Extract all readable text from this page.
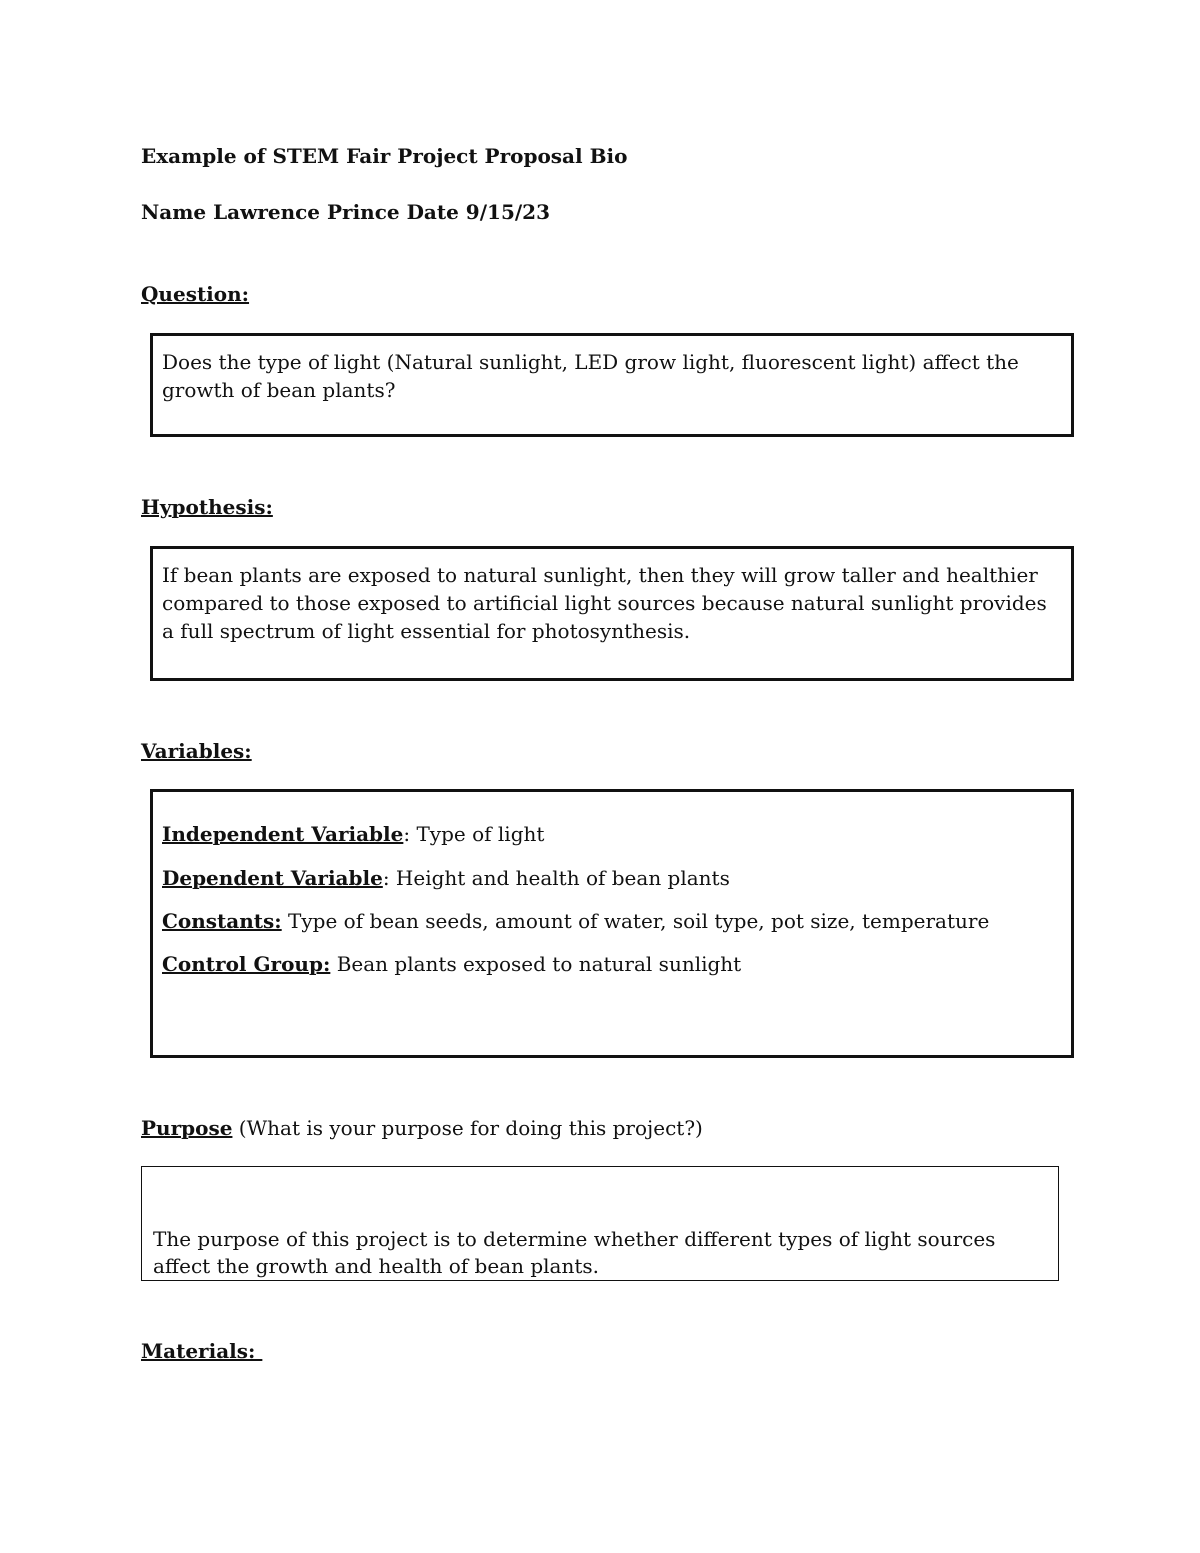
Example of STEM Fair Project Proposal Bio
Name Lawrence Prince Date 9/15/23
Question:
Does the type of light (Natural sunlight, LED grow light, fluorescent light) affect the growth of bean plants?
Hypothesis:
If bean plants are exposed to natural sunlight, then they will grow taller and healthier compared to those exposed to artificial light sources because natural sunlight provides a full spectrum of light essential for photosynthesis.
Variables:
Independent Variable: Type of light
Dependent Variable: Height and health of bean plants
Constants: Type of bean seeds, amount of water, soil type, pot size, temperature
Control Group: Bean plants exposed to natural sunlight
Purpose (What is your purpose for doing this project?)
The purpose of this project is to determine whether different types of light sources affect the growth and health of bean plants.
Materials:
